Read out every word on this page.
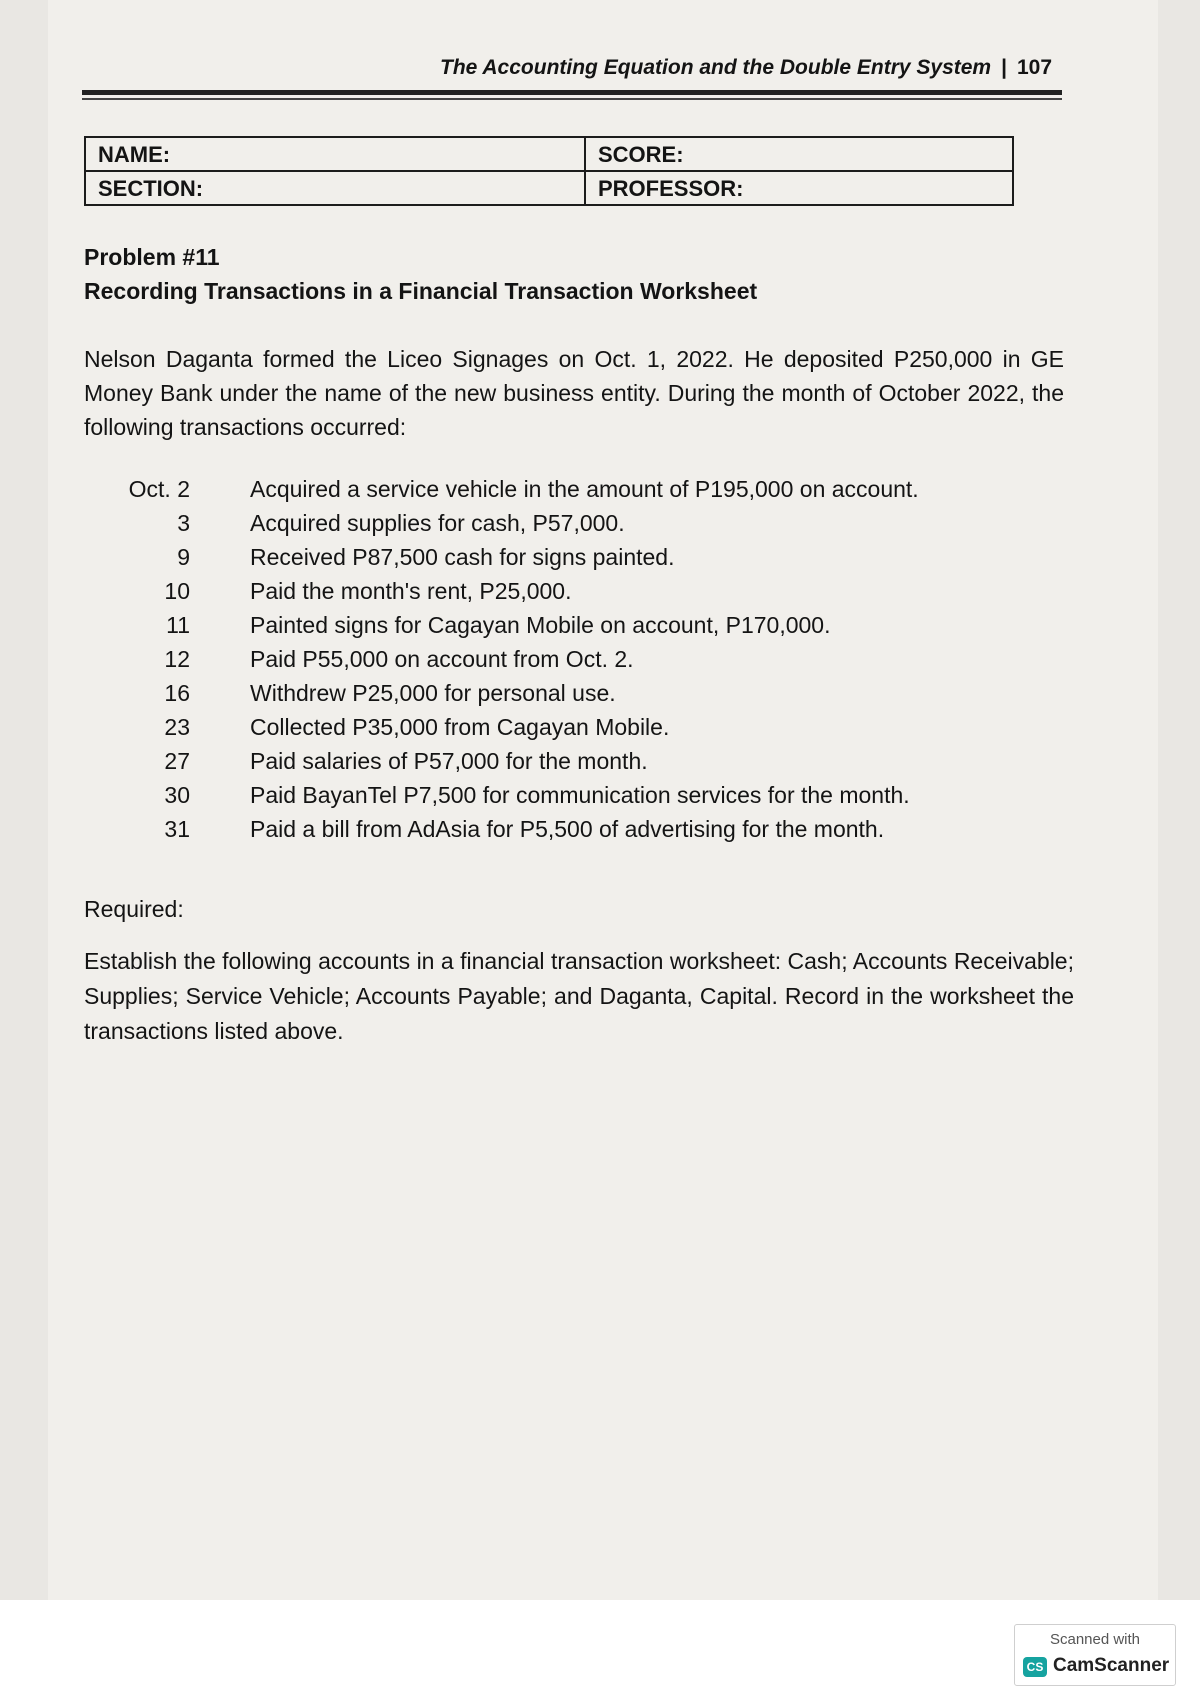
The Accounting Equation and the Double Entry System | 107
NAME:	SCORE:
SECTION:	PROFESSOR:
Problem #11
Recording Transactions in a Financial Transaction Worksheet
Nelson Daganta formed the Liceo Signages on Oct. 1, 2022. He deposited P250,000 in GE Money Bank under the name of the new business entity. During the month of October 2022, the following transactions occurred:
Oct. 2	Acquired a service vehicle in the amount of P195,000 on account.
3	Acquired supplies for cash, P57,000.
9	Received P87,500 cash for signs painted.
10	Paid the month's rent, P25,000.
11	Painted signs for Cagayan Mobile on account, P170,000.
12	Paid P55,000 on account from Oct. 2.
16	Withdrew P25,000 for personal use.
23	Collected P35,000 from Cagayan Mobile.
27	Paid salaries of P57,000 for the month.
30	Paid BayanTel P7,500 for communication services for the month.
31	Paid a bill from AdAsia for P5,500 of advertising for the month.
Required:
Establish the following accounts in a financial transaction worksheet: Cash; Accounts Receivable; Supplies; Service Vehicle; Accounts Payable; and Daganta, Capital. Record in the worksheet the transactions listed above.
Scanned with
CS CamScanner
